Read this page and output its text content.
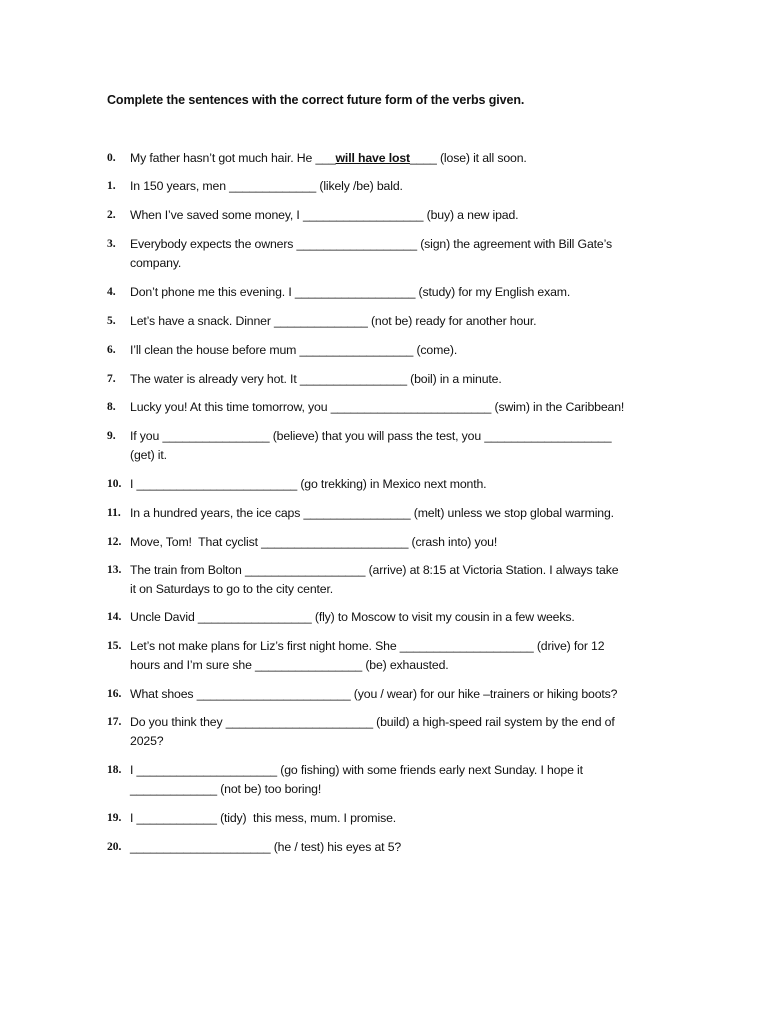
Complete the sentences with the correct future form of the verbs given.
0. My father hasn’t got much hair. He ___will have lost____ (lose) it all soon.
1. In 150 years, men _____________ (likely /be) bald.
2. When I’ve saved some money, I __________________ (buy) a new ipad.
3. Everybody expects the owners __________________ (sign) the agreement with Bill Gate’s
company.
4. Don’t phone me this evening. I __________________ (study) for my English exam.
5. Let’s have a snack. Dinner ______________ (not be) ready for another hour.
6. I’ll clean the house before mum _________________ (come).
7. The water is already very hot. It ________________ (boil) in a minute.
8. Lucky you! At this time tomorrow, you ________________________ (swim) in the Caribbean!
9. If you ________________ (believe) that you will pass the test, you ___________________
(get) it.
10. I ________________________ (go trekking) in Mexico next month.
11. In a hundred years, the ice caps ________________ (melt) unless we stop global warming.
12. Move, Tom!  That cyclist ______________________ (crash into) you!
13. The train from Bolton __________________ (arrive) at 8:15 at Victoria Station. I always take
it on Saturdays to go to the city center.
14. Uncle David _________________ (fly) to Moscow to visit my cousin in a few weeks.
15. Let’s not make plans for Liz’s first night home. She ____________________ (drive) for 12
hours and I’m sure she ________________ (be) exhausted.
16. What shoes _______________________ (you / wear) for our hike –trainers or hiking boots?
17. Do you think they ______________________ (build) a high-speed rail system by the end of
2025?
18. I _____________________ (go fishing) with some friends early next Sunday. I hope it
_____________ (not be) too boring!
19. I ____________ (tidy)  this mess, mum. I promise.
20. _____________________ (he / test) his eyes at 5?
